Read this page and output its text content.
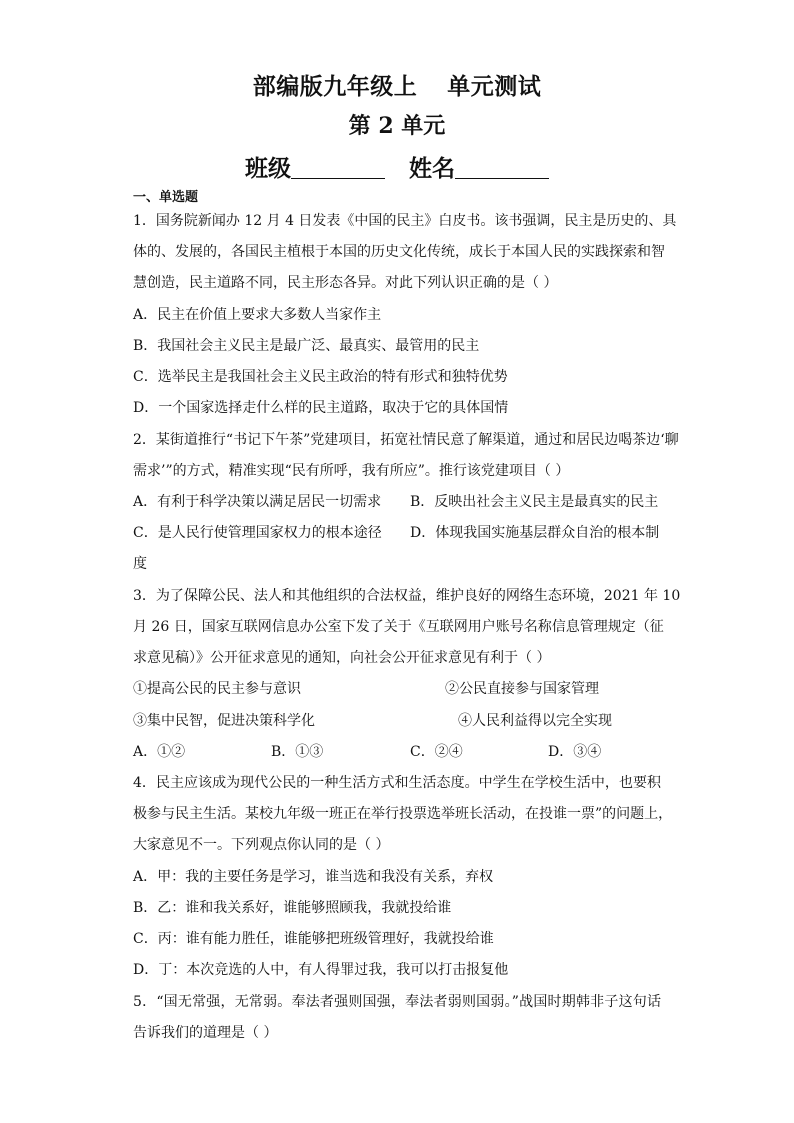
部编版九年级上 单元测试
第 2 单元
班级	姓名
一、单选题
1．国务院新闻办 12 月 4 日发表《中国的民主》白皮书。该书强调，民主是历史的、具
体的、发展的，各国民主植根于本国的历史文化传统，成长于本国人民的实践探索和智
慧创造，民主道路不同，民主形态各异。对此下列认识正确的是（ ）
A．民主在价值上要求大多数人当家作主
B．我国社会主义民主是最广泛、最真实、最管用的民主
C．选举民主是我国社会主义民主政治的特有形式和独特优势
D．一个国家选择走什么样的民主道路，取决于它的具体国情
2．某街道推行“书记下午茶”党建项目，拓宽社情民意了解渠道，通过和居民边喝茶边‘聊
需求’”的方式，精准实现“民有所呼，我有所应”。推行该党建项目（ ）
A．有利于科学决策以满足居民一切需求 B．反映出社会主义民主是最真实的民主
C．是人民行使管理国家权力的根本途径 D．体现我国实施基层群众自治的根本制
度
3．为了保障公民、法人和其他组织的合法权益，维护良好的网络生态环境，2021 年 10
月 26 日，国家互联网信息办公室下发了关于《互联网用户账号名称信息管理规定（征
求意见稿）》公开征求意见的通知，向社会公开征求意见有利于（ ）
①提高公民的民主参与意识	②公民直接参与国家管理
③集中民智，促进决策科学化	④人民利益得以完全实现
A．①②	B．①③	C．②④	D．③④
4．民主应该成为现代公民的一种生活方式和生活态度。中学生在学校生活中，也要积
极参与民主生活。某校九年级一班正在举行投票选举班长活动，在投谁一票”的问题上，
大家意见不一。下列观点你认同的是（ ）
A．甲：我的主要任务是学习，谁当选和我没有关系，弃权
B．乙：谁和我关系好，谁能够照顾我，我就投给谁
C．丙：谁有能力胜任，谁能够把班级管理好，我就投给谁
D．丁：本次竞选的人中，有人得罪过我，我可以打击报复他
5．“国无常强，无常弱。奉法者强则国强，奉法者弱则国弱。”战国时期韩非子这句话
告诉我们的道理是（ ）
